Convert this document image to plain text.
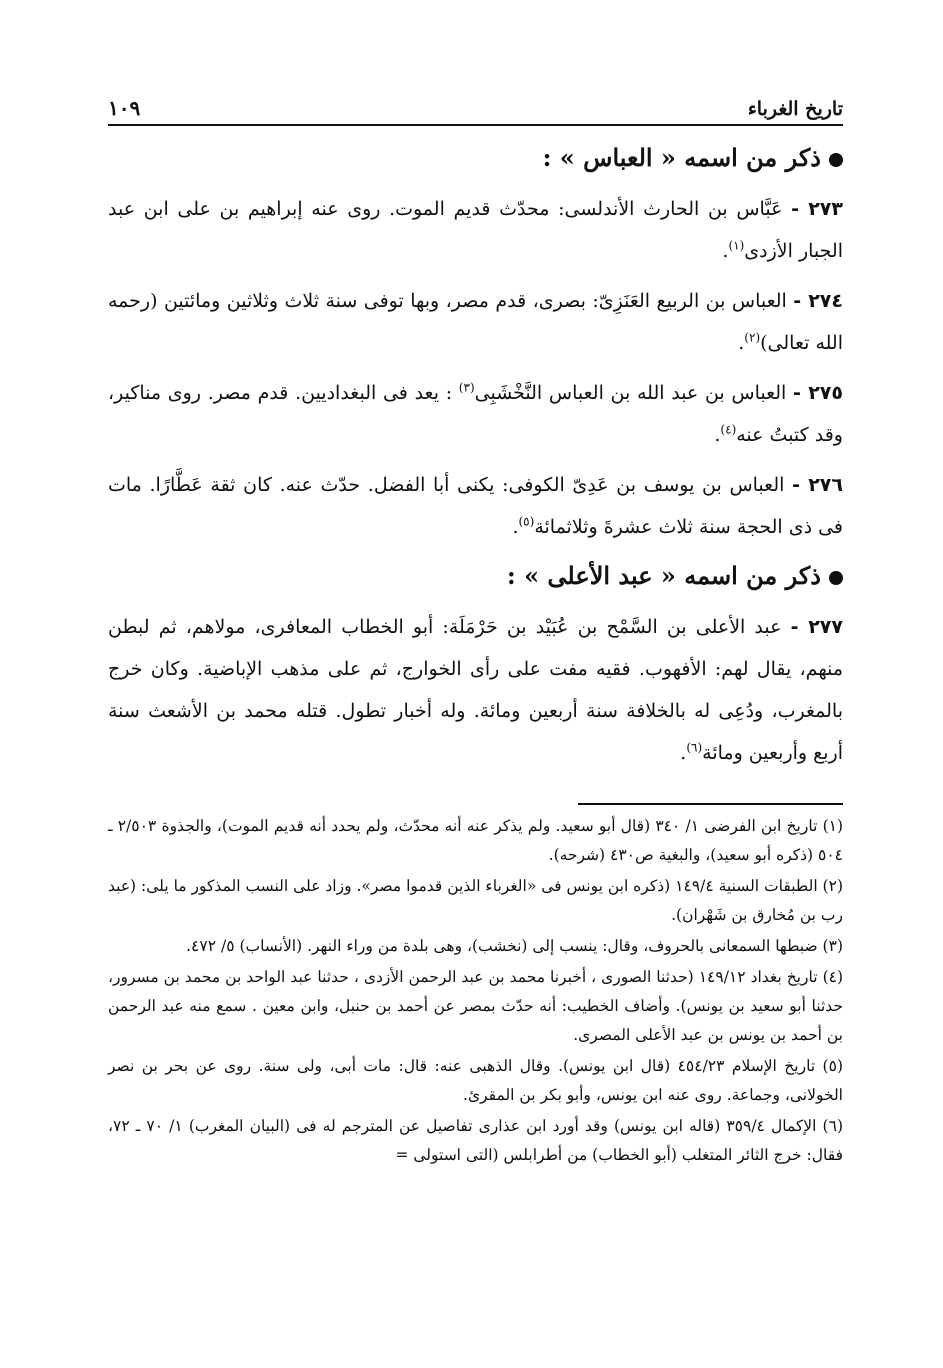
تاريخ الغرباء
١٠٩
ذكر من اسمه « العباس » :

٢٧٣ - عَبَّاس بن الحارث الأندلسى: محدّث قديم الموت. روى عنه إبراهيم بن على ابن عبد الجبار الأزدى$^{(١)}$.

٢٧٤ - العباس بن الربيع العَنَزِىّ: بصرى، قدم مصر، وبها توفى سنة ثلاث وثلاثين ومائتين (رحمه الله تعالى)$^{(٢)}$.

٢٧٥ - العباس بن عبد الله بن العباس النَّخْشَبِى$^{(٣)}$ : يعد فى البغداديين. قدم مصر. روى مناكير، وقد كتبتُ عنه$^{(٤)}$.

٢٧٦ - العباس بن يوسف بن عَدِىّ الكوفى: يكنى أبا الفضل. حدّث عنه. كان ثقة عَطَّارًا. مات فى ذى الحجة سنة ثلاث عشرةَ وثلاثمائة$^{(٥)}$.

ذكر من اسمه « عبد الأعلى » :

٢٧٧ - عبد الأعلى بن السَّمْح بن عُبَيْد بن حَرْمَلَة: أبو الخطاب المعافرى، مولاهم، ثم لبطن منهم، يقال لهم: الأفهوب. فقيه مفت على رأى الخوارج، ثم على مذهب الإباضية. وكان خرج بالمغرب، ودُعِى له بالخلافة سنة أربعين ومائة. وله أخبار تطول. قتله محمد بن الأشعث سنة أربع وأربعين ومائة$^{(٦)}$.

(١) تاريخ ابن الفرضى ١/ ٣٤٠ (قال أبو سعيد. ولم يذكر عنه أنه محدّث، ولم يحدد أنه قديم الموت)، والجذوة ٢/٥٠٣ ـ ٥٠٤ (ذكره أبو سعيد)، والبغية ص٤٣٠ (شرحه).

(٢) الطبقات السنية ١٤٩/٤ (ذكره ابن يونس فى «الغرباء الذين قدموا مصر». وزاد على النسب المذكور ما يلى: (عبد رب بن مُخارق بن شَهْران).

(٣) ضبطها السمعانى بالحروف، وقال: ينسب إلى (نخشب)، وهى بلدة من وراء النهر. (الأنساب) ٥/ ٤٧٢.

(٤) تاريخ بغداد ١٤٩/١٢ (حدثنا الصورى ، أخبرنا محمد بن عبد الرحمن الأزدى ، حدثنا عبد الواحد بن محمد بن مسرور، حدثنا أبو سعيد بن يونس). وأضاف الخطيب: أنه حدّث بمصر عن أحمد بن حنبل، وابن معين . سمع منه عبد الرحمن بن أحمد بن يونس بن عبد الأعلى المصرى.

(٥) تاريخ الإسلام ٤٥٤/٢٣ (قال ابن يونس). وقال الذهبى عنه: قال: مات أبى، ولى سنة. روى عن بحر بن نصر الخولانى، وجماعة. روى عنه ابن يونس، وأبو بكر بن المقرئ.

(٦) الإكمال ٣٥٩/٤ (قاله ابن يونس) وقد أورد ابن عذارى تفاصيل عن المترجم له فى (البيان المغرب) ١/ ٧٠ ـ ٧٢، فقال: خرج الثائر المتغلب (أبو الخطاب) من أطرابلس (التى استولى =
